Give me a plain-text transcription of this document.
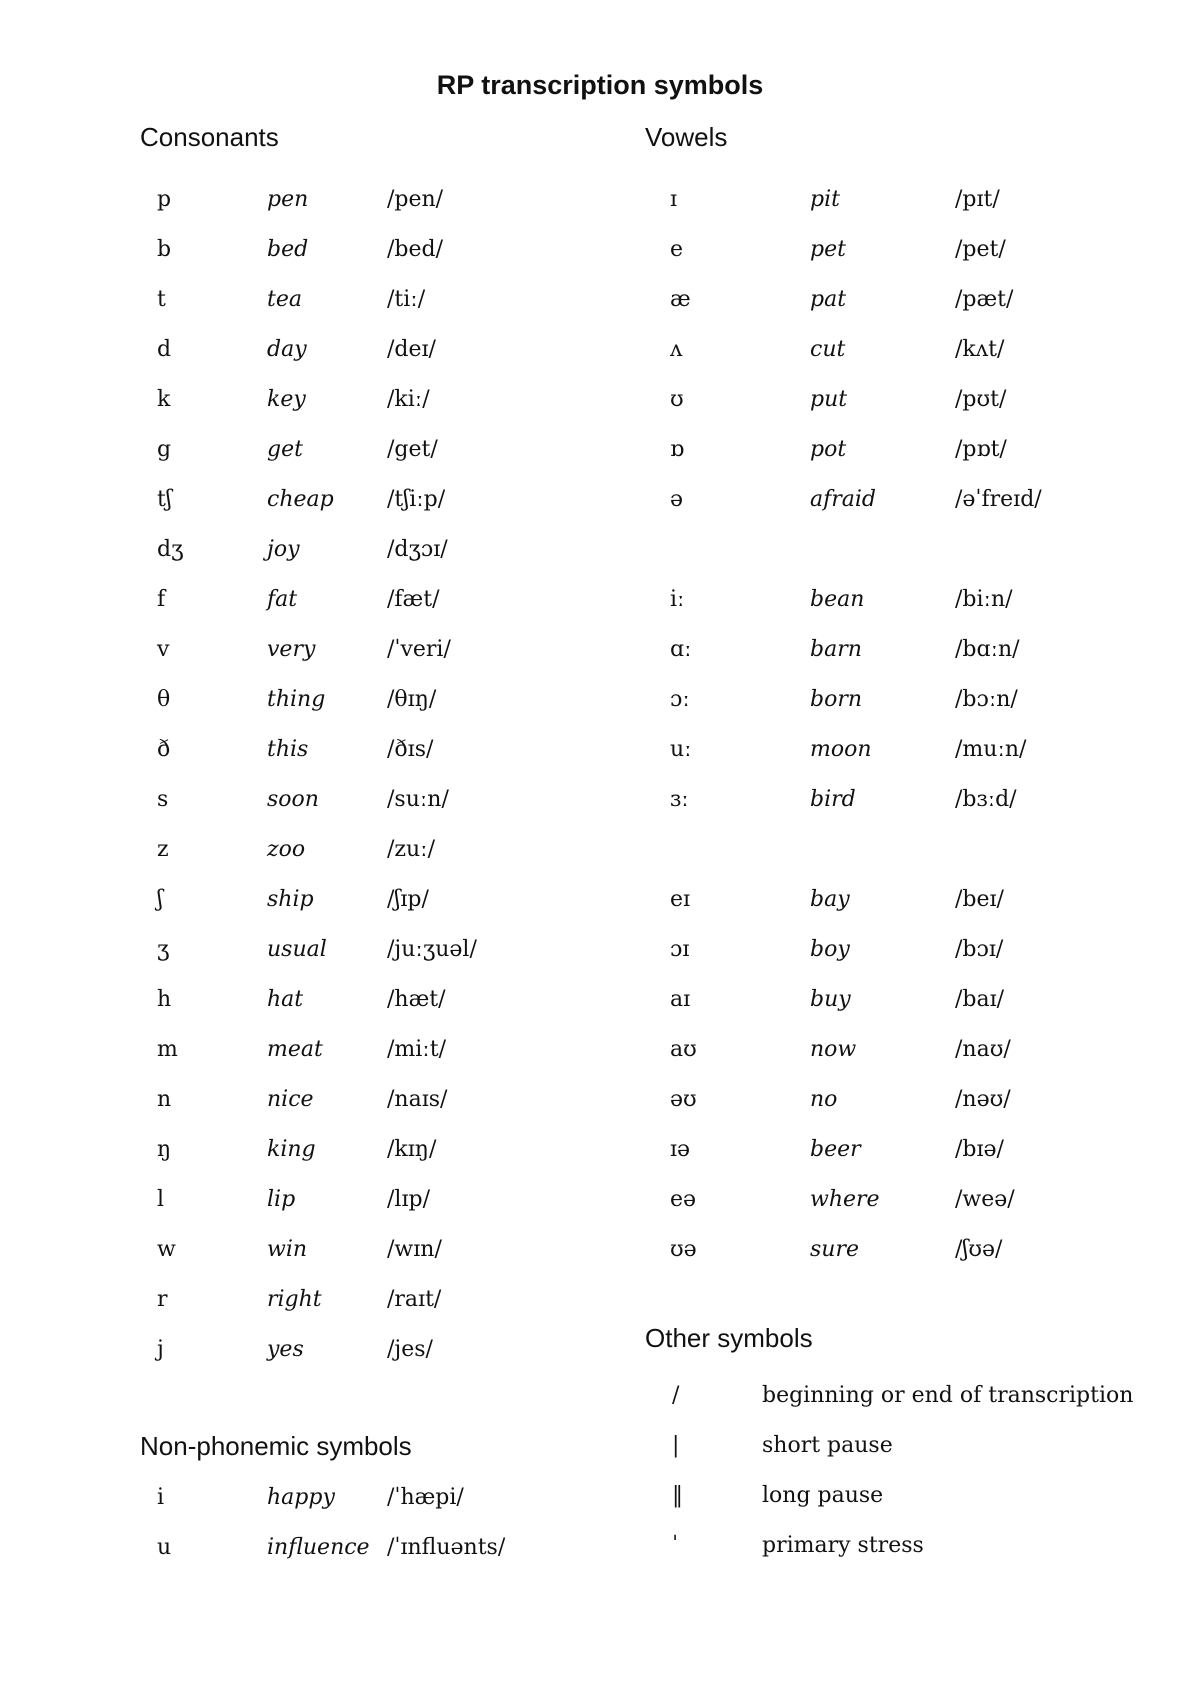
RP transcription symbols
Consonants	Vowels
Other symbols
Non-phonemic symbols
p	pen	/pen/
b	bed	/bed/
t	tea	/tiː/
d	day	/deɪ/
k	key	/kiː/
g	get	/get/
tʃ	cheap /tʃiːp/
dʒ	joy	/dʒɔɪ/
f	fat	/fæt/
v	very	/ˈveri/
θ	thing	/θɪŋ/
ð	this	/ðɪs/
s	soon	/suːn/
z	zoo	/zuː/
ʃ	ship	/ʃɪp/
ʒ	usual	/juːʒuəl/
h	hat	/hæt/
m	meat	/miːt/
n	nice	/naɪs/
ŋ	king	/kɪŋ/
l	lip	/lɪp/
w	win	/wɪn/
r	right	/raɪt/
j	yes	/jes/
ɪ	pit	/pɪt/
e	pet	/pet/
æ	pat	/pæt/
ʌ	cut	/kʌt/
ʊ	put	/pʊt/
ɒ	pot	/pɒt/
ə	afraid	/əˈfreɪd/
iː	bean	/biːn/
ɑː	barn	/bɑːn/
ɔː	born	/bɔːn/
uː	moon	/muːn/
ɜː	bird	/bɜːd/
eɪ	bay	/beɪ/
ɔɪ	boy	/bɔɪ/
aɪ	buy	/baɪ/
aʊ	now	/naʊ/
əʊ	no	/nəʊ/
ɪə	beer	/bɪə/
eə	where	/weə/
ʊə	sure	/ʃʊə/
/	beginning or end of transcription
|	short pause
‖	long pause
ˈ	primary stress
i	happy /ˈhæpi/
u	influence /ˈɪnfluənts/
